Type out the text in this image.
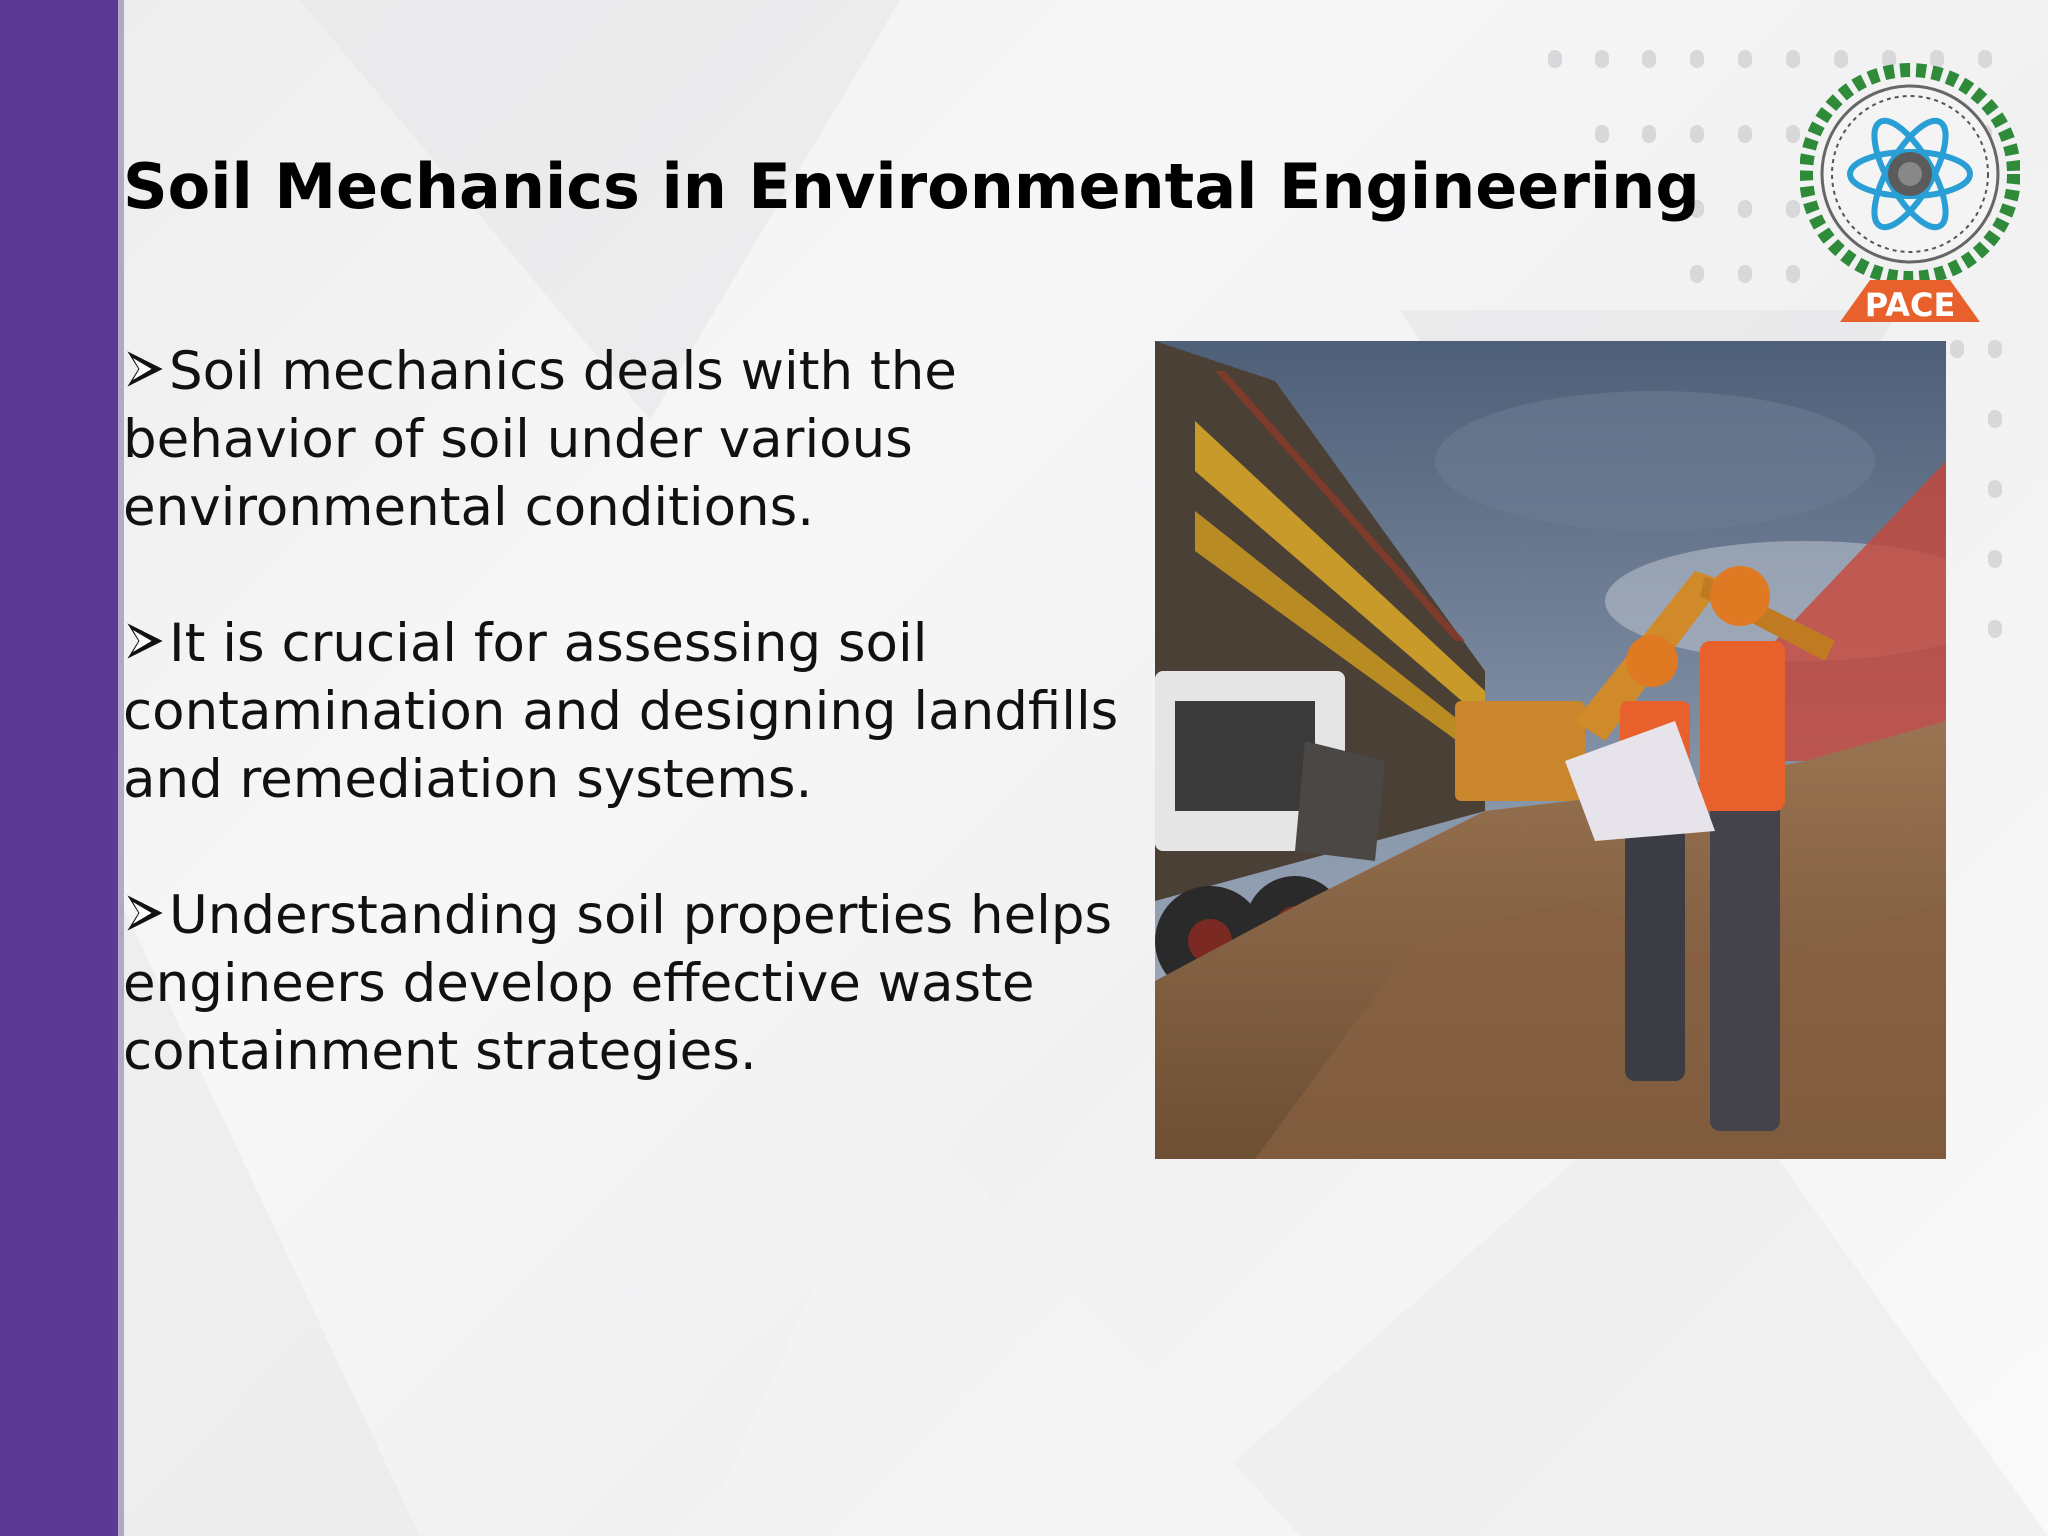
PACE
Soil Mechanics in Environmental Engineering

Soil mechanics deals with the behavior of soil under various environmental conditions.

It is crucial for assessing soil contamination and designing landfills and remediation systems.

Understanding soil properties helps engineers develop effective waste containment strategies.
